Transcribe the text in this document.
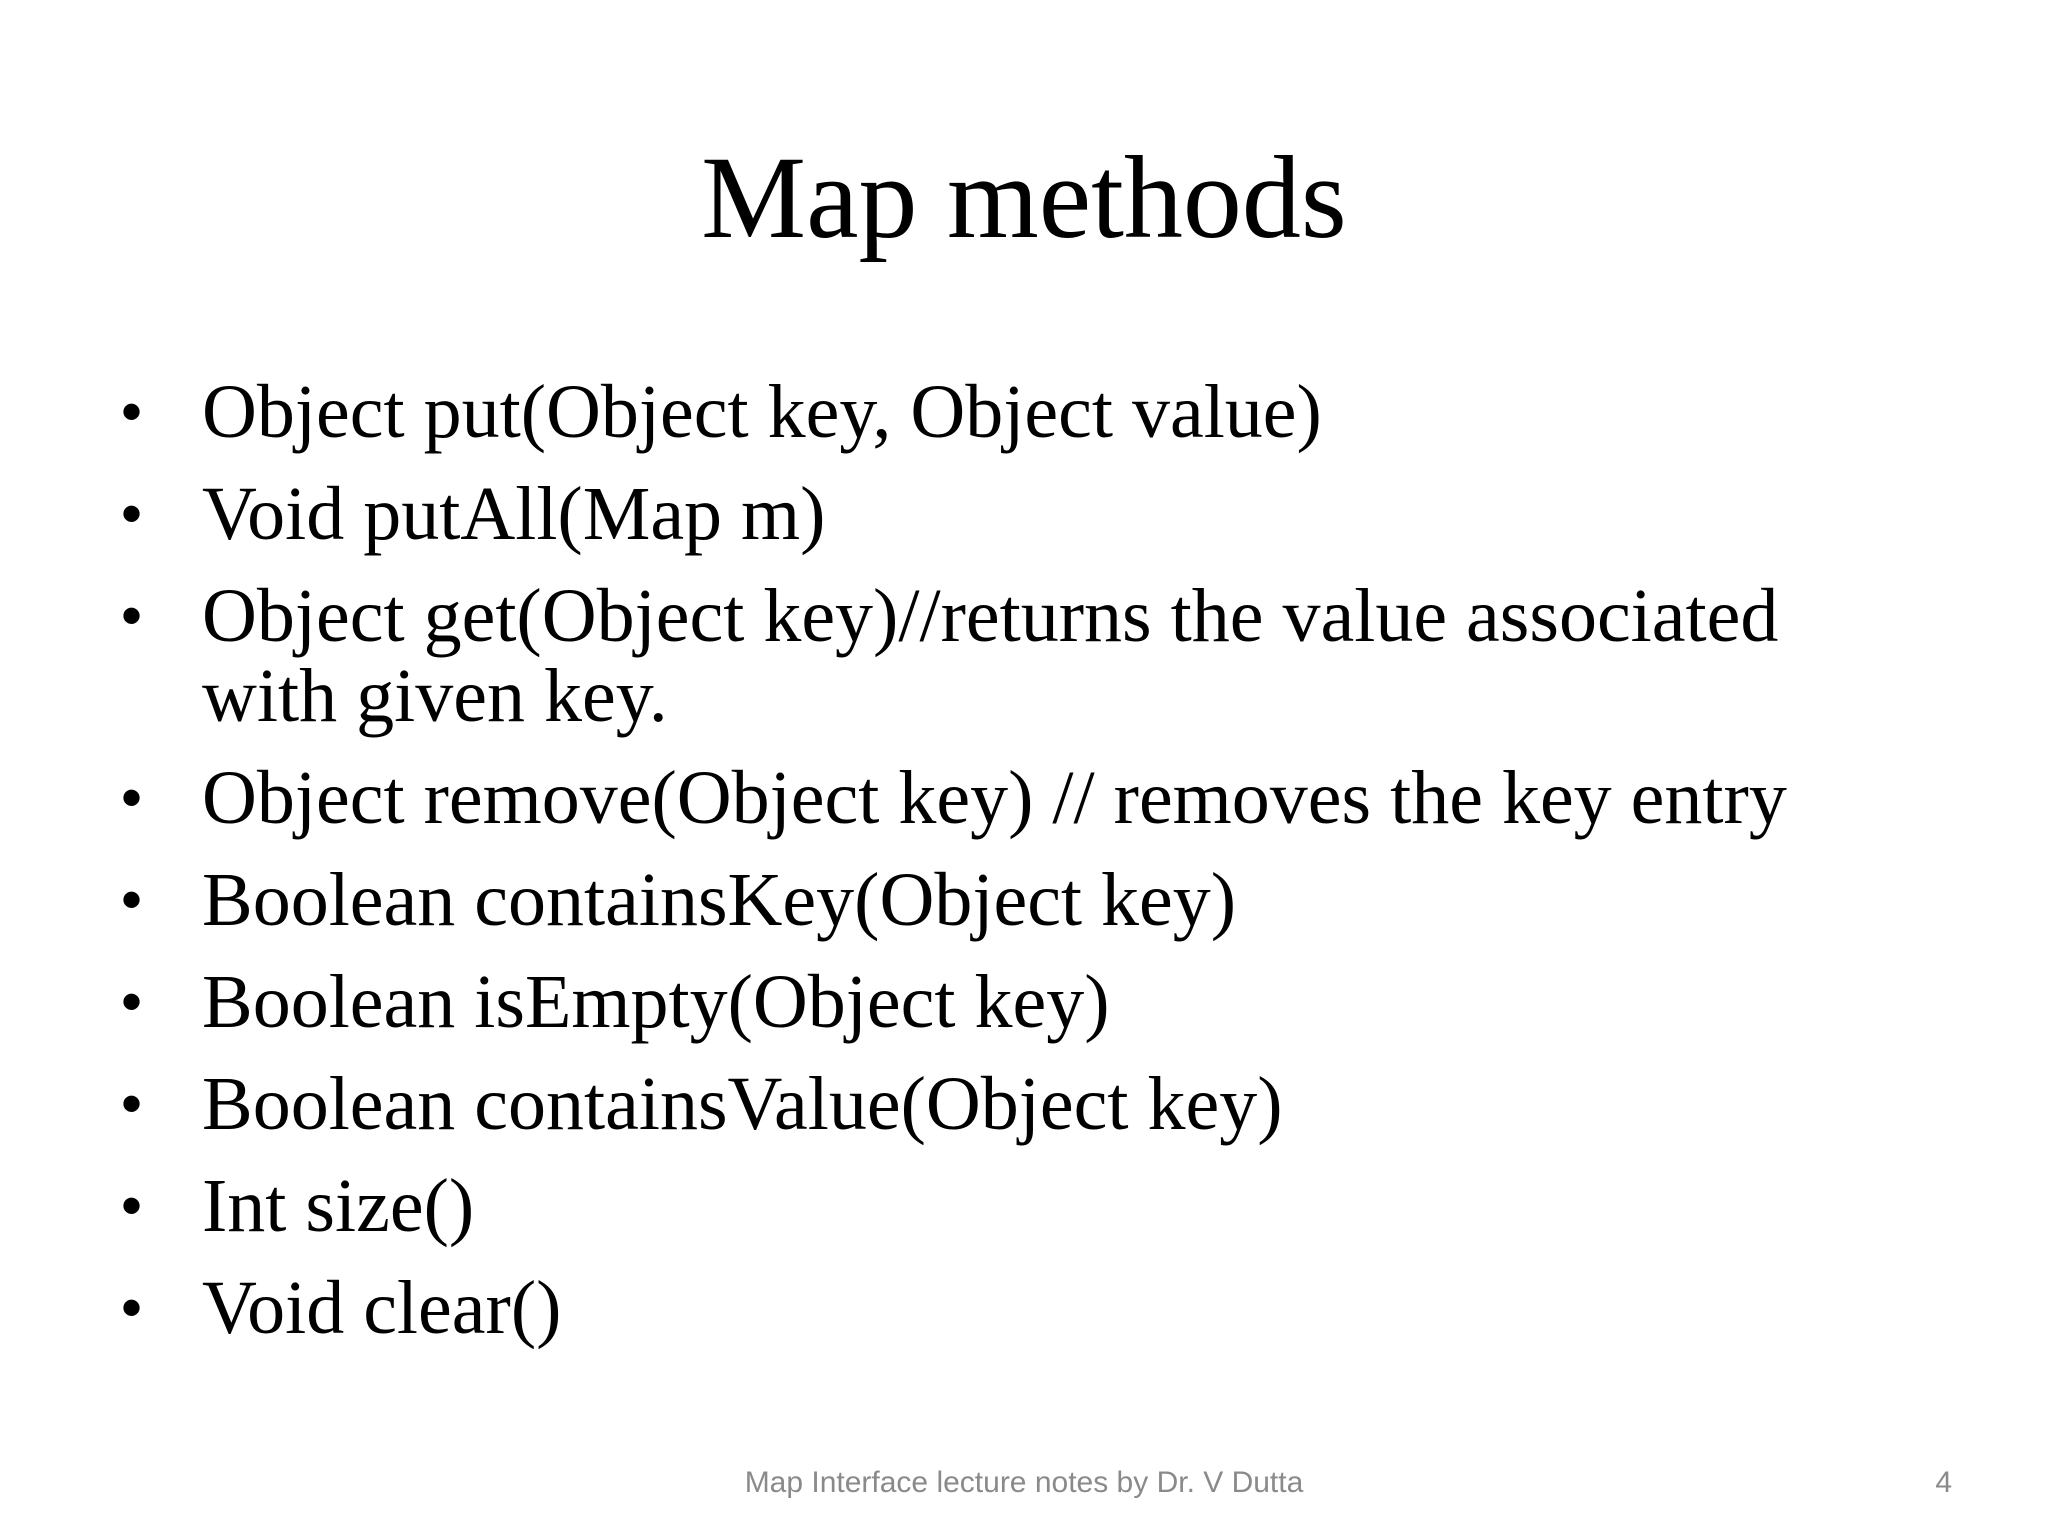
Map methods
• Object put(Object key, Object value)
• Void putAll(Map m)
• Object get(Object key)//returns the value associated with given key.
• Object remove(Object key) // removes the key entry
• Boolean containsKey(Object key)
• Boolean isEmpty(Object key)
• Boolean containsValue(Object key)
• Int size()
• Void clear()
Map Interface lecture notes by Dr. V Dutta	4
